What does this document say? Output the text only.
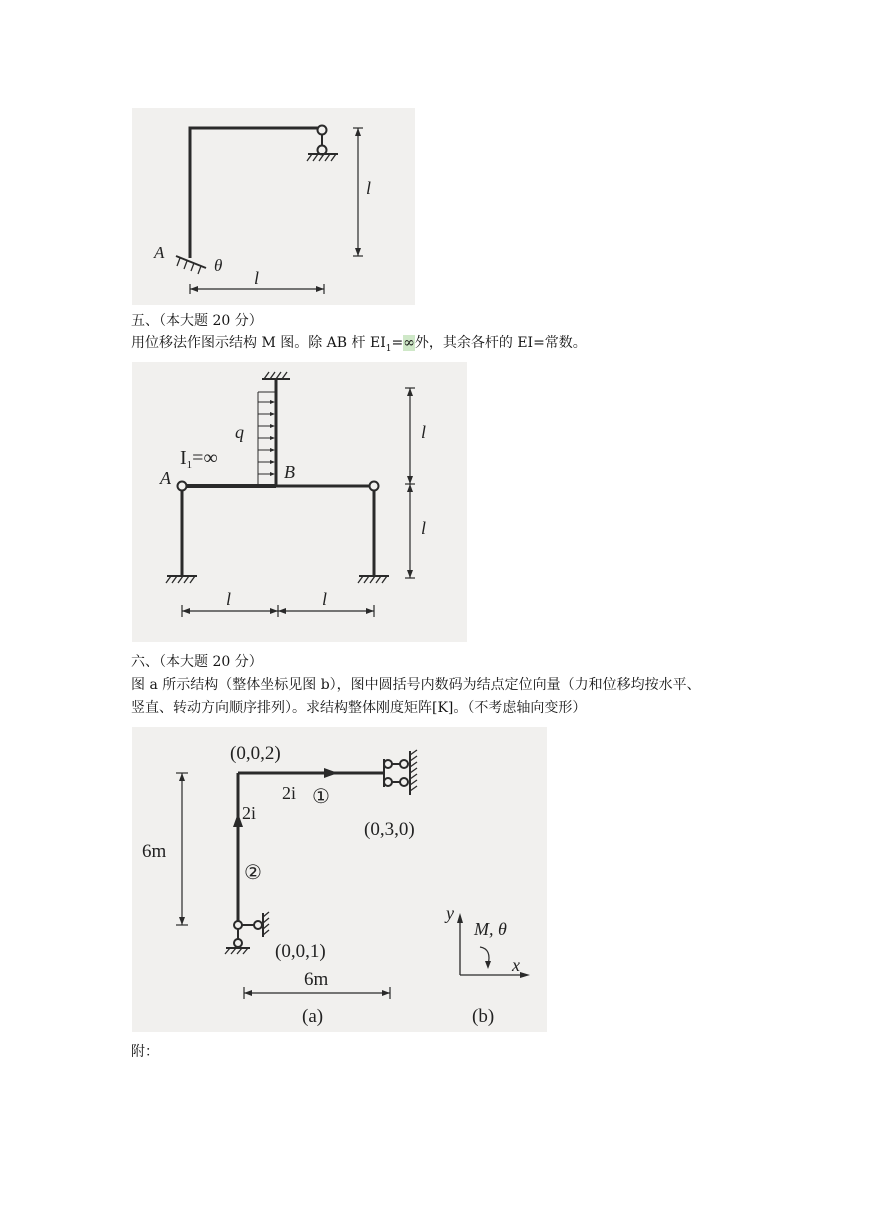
A
θ
l
l
五、（本大题 20 分）
用位移法作图示结构 M 图。除 AB 杆 $EI_1=\infty$外，其余各杆的 EI=常数。
q
$I_1=\infty$
A	B
l
l
l	l
六、（本大题 20 分）
图 a 所示结构（整体坐标见图 b），图中圆括号内数码为结点定位向量（力和位移均按水平、
竖直、转动方向顺序排列）。求结构整体刚度矩阵[K]。（不考虑轴向变形）
(0,0,2)
(0,3,0)
(0,0,1)
2i
2i
①
②
6m
6m
(a)	(b)
y
x
M, θ
附：
